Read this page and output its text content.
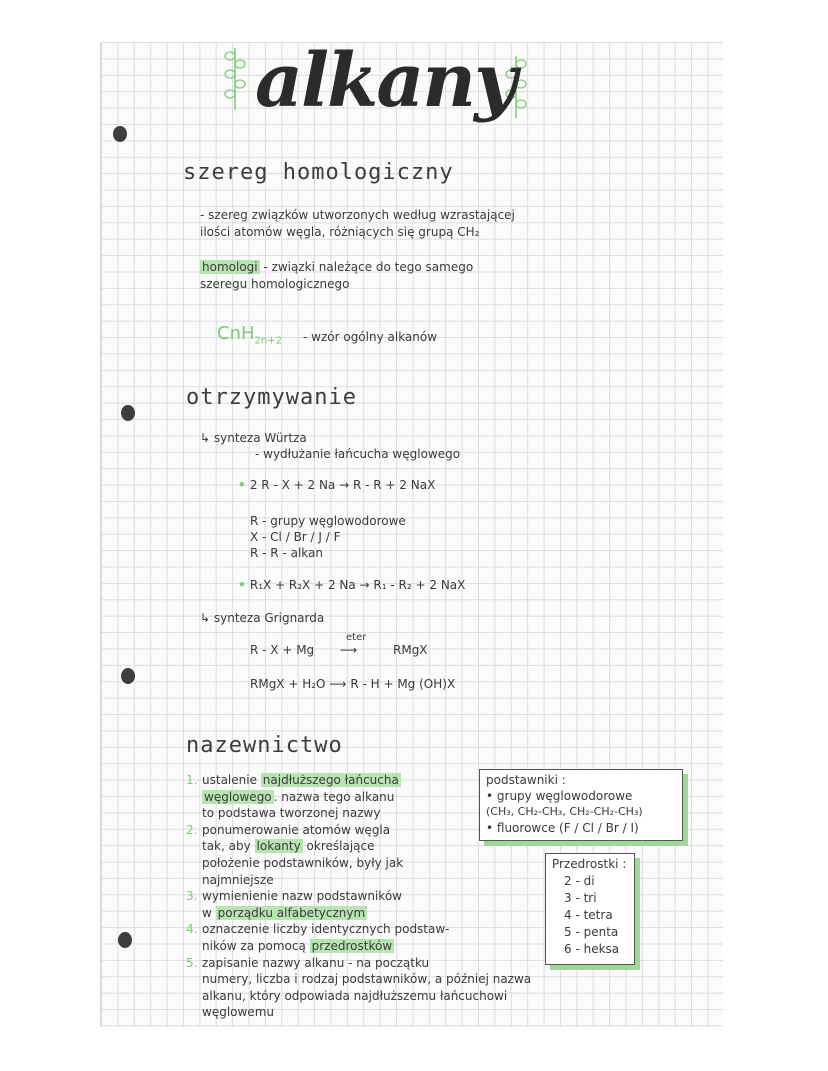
alkany
szereg homologiczny
- szereg związków utworzonych według wzrastającej
ilości atomów węgla, różniących się grupą CH₂
homologi - związki należące do tego samego
szeregu homologicznego
CnH$_{2n+2}$ - wzór ogólny alkanów
otrzymywanie
↳ synteza Würtza
- wydłużanie łańcucha węglowego
• 2 R - X + 2 Na → R - R + 2 NaX
R - grupy węglowodorowe
X - Cl / Br / J / F
R - R - alkan
• R₁X + R₂X + 2 Na → R₁ - R₂ + 2 NaX
↳ synteza Grignarda
R - X + Mg
eter
⟶	RMgX
RMgX + H₂O ⟶ R - H + Mg (OH)X
nazewnictwo
1. ustalenie najdłuższego łańcucha
węglowego . nazwa tego alkanu
to podstawa tworzonej nazwy
2. ponumerowanie atomów węgla
tak, aby lokanty określające
położenie podstawników, były jak
najmniejsze
3. wymienienie nazw podstawników
w porządku alfabetycznym
4. oznaczenie liczby identycznych podstaw-
ników za pomocą przedrostków
5. zapisanie nazwy alkanu - na początku
numery, liczba i rodzaj podstawników, a później nazwa
alkanu, który odpowiada najdłuższemu łańcuchowi
węglowemu
podstawniki :
• grupy węglowodorowe
(CH₃, CH₂-CH₃, CH₂-CH₂-CH₃)
• fluorowce (F / Cl / Br / I)
Przedrostki :
2 - di
3 - tri
4 - tetra
5 - penta
6 - heksa
